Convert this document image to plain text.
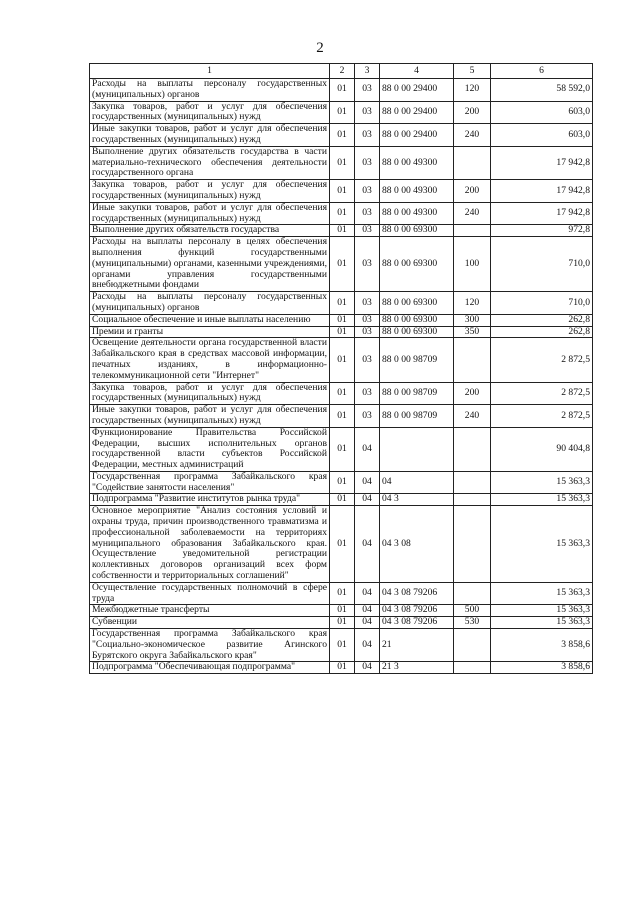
2
1	2	3	4	5	6
Расходы на выплаты персоналу государственных (муниципальных) органов	01	03	88 0 00 29400	120	58 592,0
Закупка товаров, работ и услуг для обеспечения государственных (муниципальных) нужд	01	03	88 0 00 29400	200	603,0
Иные закупки товаров, работ и услуг для обеспечения государственных (муниципальных) нужд	01	03	88 0 00 29400	240	603,0
Выполнение других обязательств государства в части материально-технического обеспечения деятельности государственного органа	01	03	88 0 00 49300		17 942,8
Закупка товаров, работ и услуг для обеспечения государственных (муниципальных) нужд	01	03	88 0 00 49300	200	17 942,8
Иные закупки товаров, работ и услуг для обеспечения государственных (муниципальных) нужд	01	03	88 0 00 49300	240	17 942,8
Выполнение других обязательств государства	01	03	88 0 00 69300		972,8
Расходы на выплаты персоналу в целях обеспечения выполнения функций государственными (муниципальными) органами, казенными учреждениями, органами управления государственными внебюджетными фондами	01	03	88 0 00 69300	100	710,0
Расходы на выплаты персоналу государственных (муниципальных) органов	01	03	88 0 00 69300	120	710,0
Социальное обеспечение и иные выплаты населению	01	03	88 0 00 69300	300	262,8
Премии и гранты	01	03	88 0 00 69300	350	262,8
Освещение деятельности органа государственной власти Забайкальского края в средствах массовой информации, печатных изданиях, в информационно-телекоммуникационной сети "Интернет"	01	03	88 0 00 98709		2 872,5
Закупка товаров, работ и услуг для обеспечения государственных (муниципальных) нужд	01	03	88 0 00 98709	200	2 872,5
Иные закупки товаров, работ и услуг для обеспечения государственных (муниципальных) нужд	01	03	88 0 00 98709	240	2 872,5
Функционирование Правительства Российской Федерации, высших исполнительных органов государственной власти субъектов Российской Федерации, местных администраций	01	04			90 404,8
Государственная программа Забайкальского края "Содействие занятости населения"	01	04	04		15 363,3
Подпрограмма "Развитие институтов рынка труда"	01	04	04 3		15 363,3
Основное мероприятие "Анализ состояния условий и охраны труда, причин производственного травматизма и профессиональной заболеваемости на территориях муниципального образования Забайкальского края. Осуществление уведомительной регистрации коллективных договоров организаций всех форм собственности и территориальных соглашений"	01	04	04 3 08		15 363,3
Осуществление государственных полномочий в сфере труда	01	04	04 3 08 79206		15 363,3
Межбюджетные трансферты	01	04	04 3 08 79206	500	15 363,3
Субвенции	01	04	04 3 08 79206	530	15 363,3
Государственная программа Забайкальского края "Социально-экономическое развитие Агинского Бурятского округа Забайкальского края"	01	04	21		3 858,6
Подпрограмма "Обеспечивающая подпрограмма"	01	04	21 3		3 858,6
